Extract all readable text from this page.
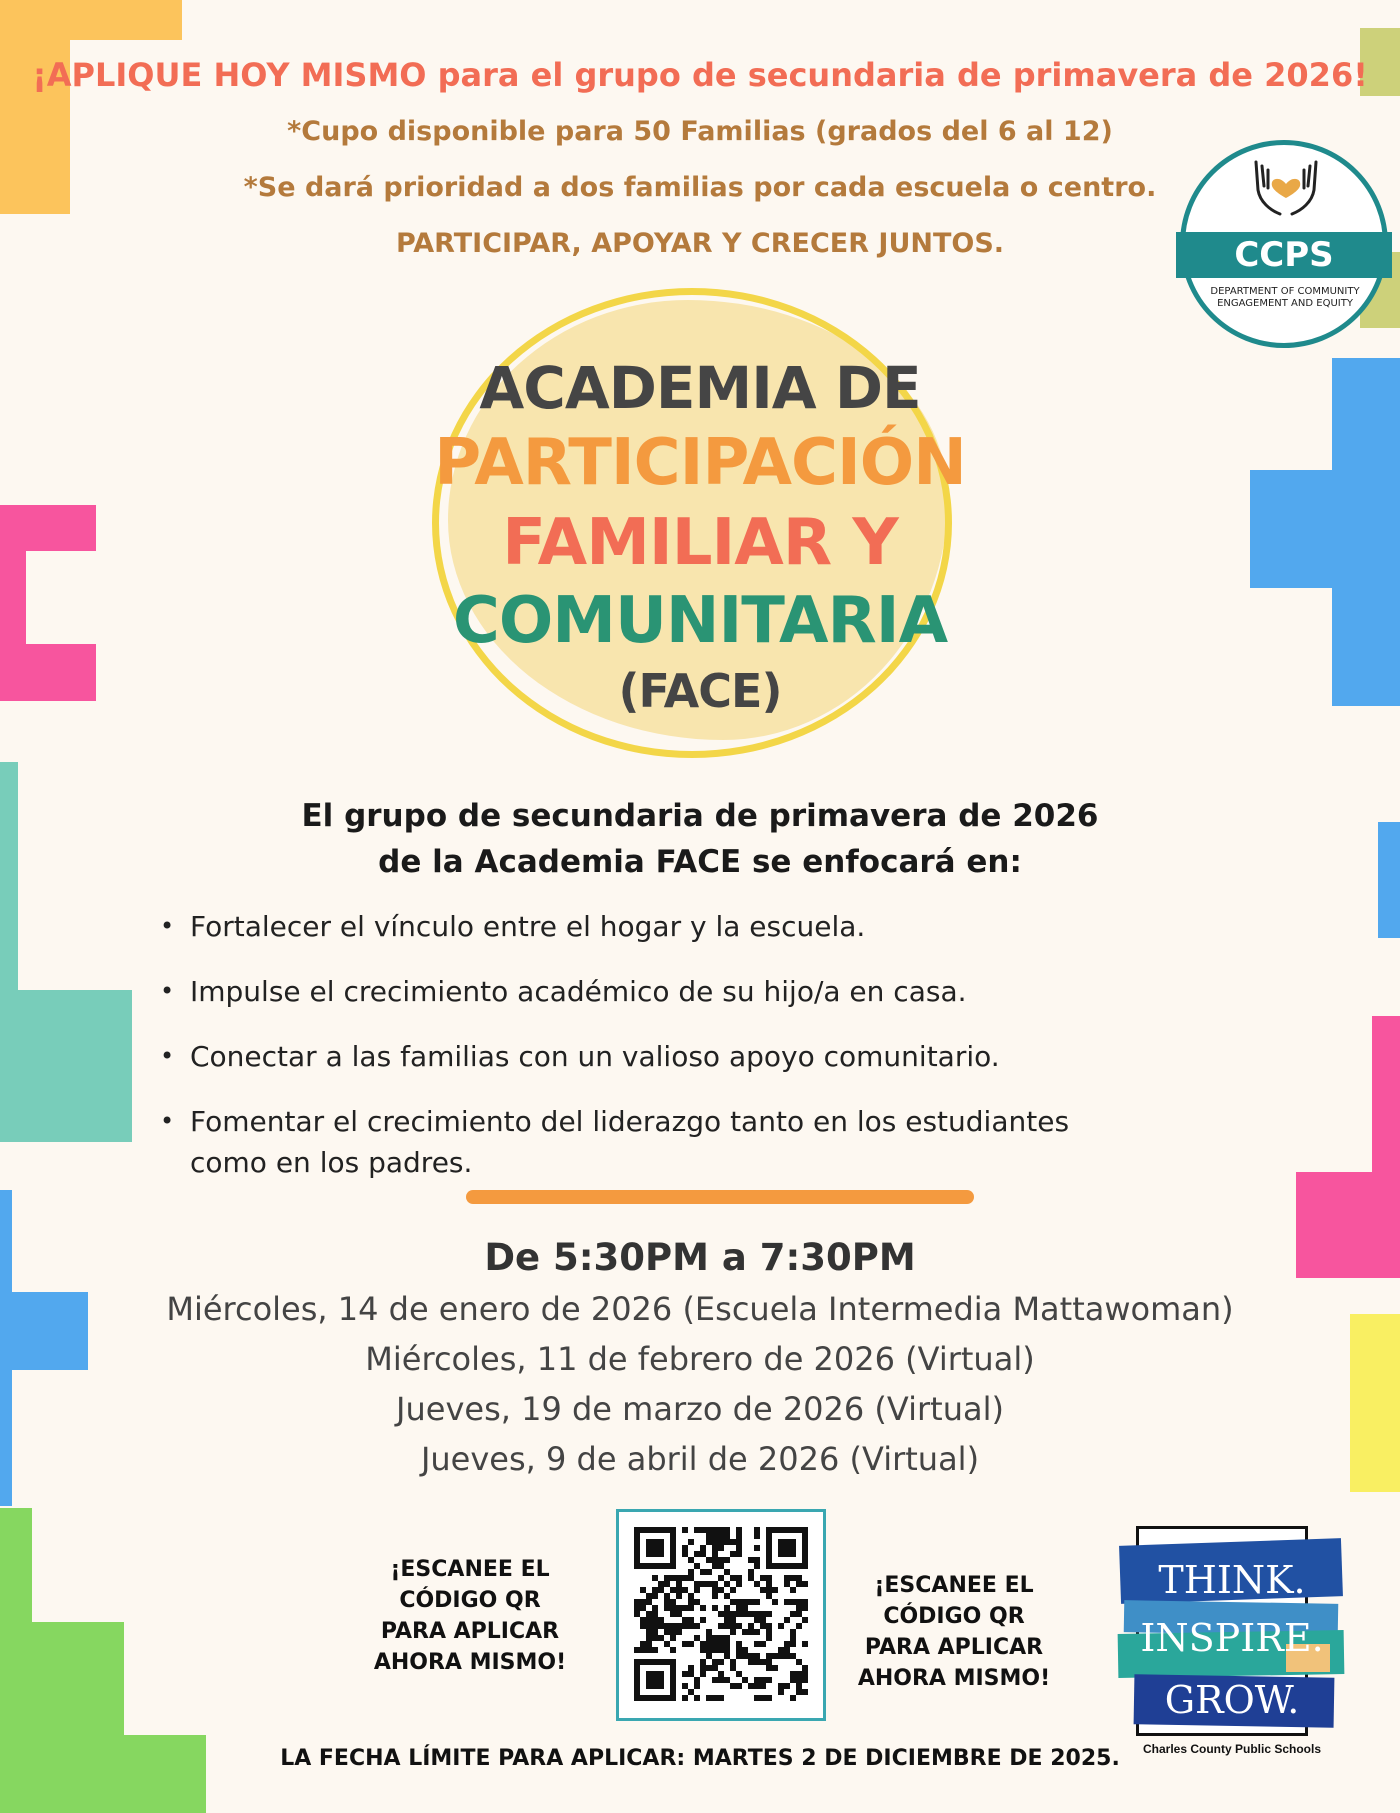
¡APLIQUE HOY MISMO para el grupo de secundaria de primavera de 2026!
*Cupo disponible para 50 Familias (grados del 6 al 12)
*Se dará prioridad a dos familias por cada escuela o centro.
PARTICIPAR, APOYAR Y CRECER JUNTOS.	CCPS
DEPARTMENT OF COMMUNITY ENGAGEMENT AND EQUITY
ACADEMIA DE
PARTICIPACIÓN
FAMILIAR Y
COMUNITARIA
(FACE)
El grupo de secundaria de primavera de 2026
de la Academia FACE se enfocará en:
• Fortalecer el vínculo entre el hogar y la escuela.
• Impulse el crecimiento académico de su hijo/a en casa.
• Conectar a las familias con un valioso apoyo comunitario.
• Fomentar el crecimiento del liderazgo tanto en los estudiantes como en los padres.
De 5:30PM a 7:30PM
Miércoles, 14 de enero de 2026 (Escuela Intermedia Mattawoman)
Miércoles, 11 de febrero de 2026 (Virtual)
Jueves, 19 de marzo de 2026 (Virtual)
Jueves, 9 de abril de 2026 (Virtual)
¡ESCANEE EL
CÓDIGO QR
PARA APLICAR
AHORA MISMO!
¡ESCANEE EL
CÓDIGO QR
PARA APLICAR
AHORA MISMO!
THINK.
INSPIRE.
GROW.
Charles County Public Schools
LA FECHA LÍMITE PARA APLICAR: MARTES 2 DE DICIEMBRE DE 2025.
